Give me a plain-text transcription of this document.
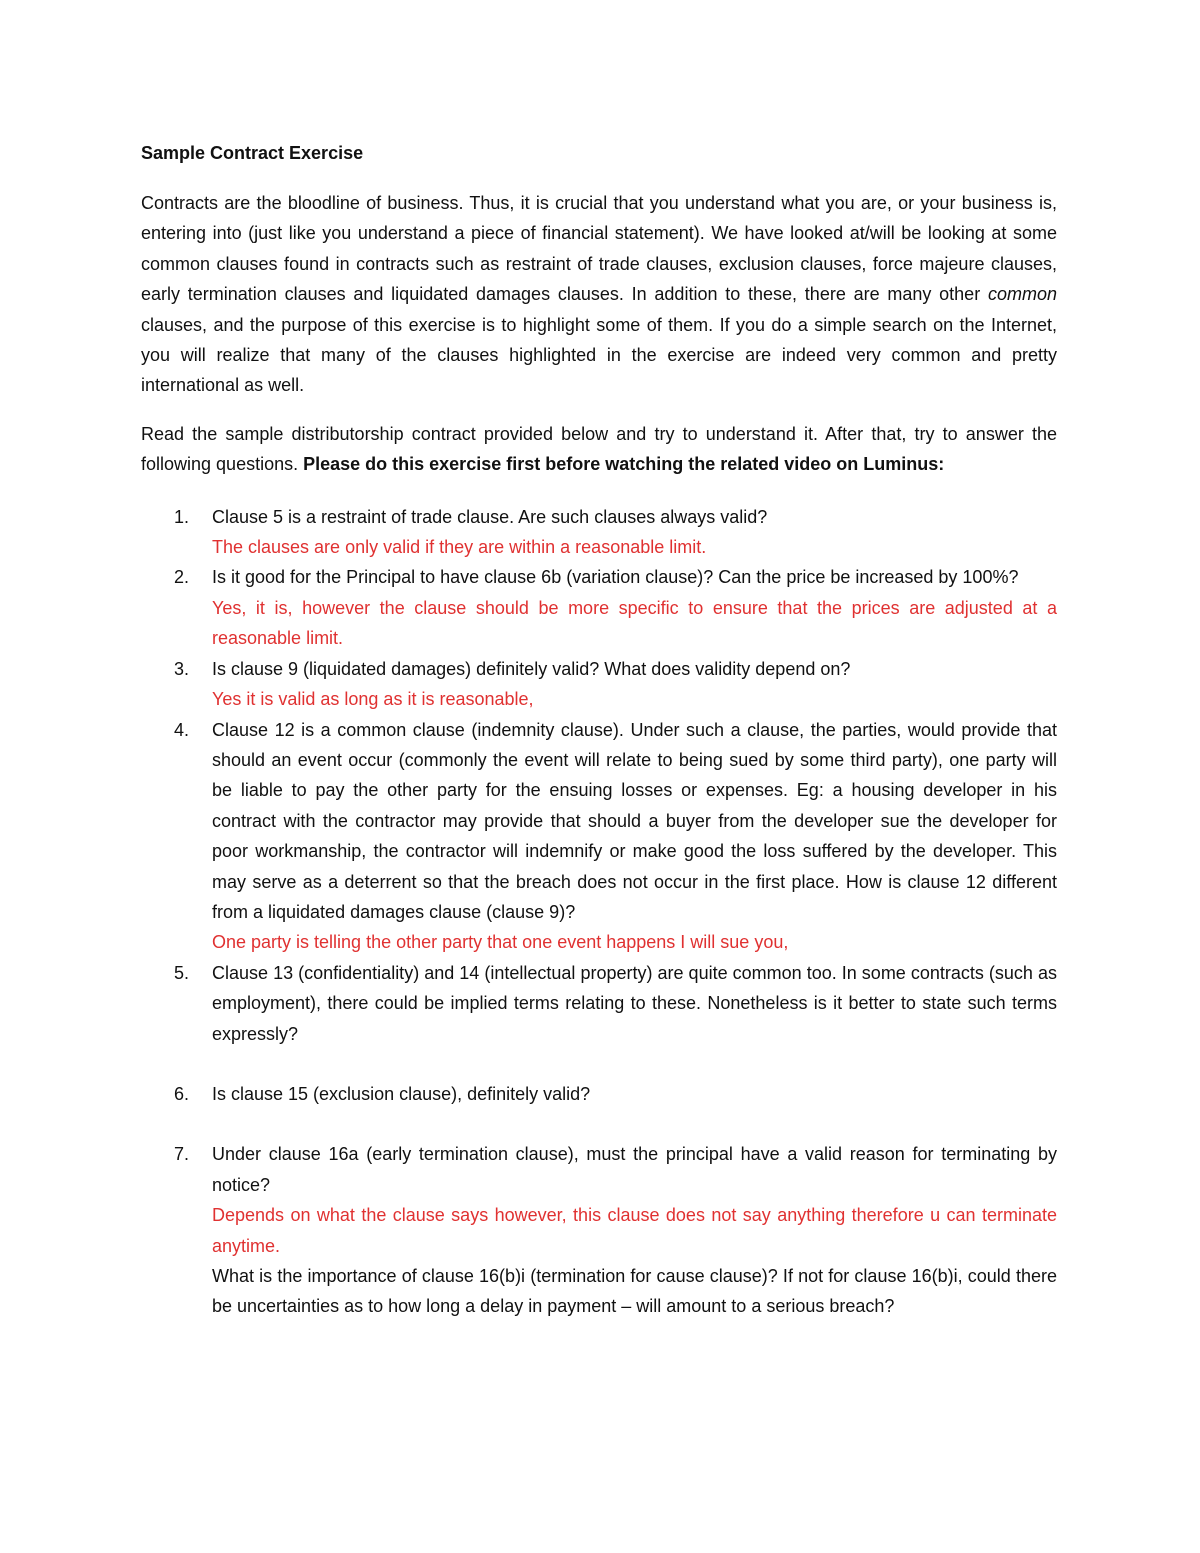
Sample Contract Exercise

Contracts are the bloodline of business. Thus, it is crucial that you understand what you are, or your business is, entering into (just like you understand a piece of financial statement). We have looked at/will be looking at some common clauses found in contracts such as restraint of trade clauses, exclusion clauses, force majeure clauses, early termination clauses and liquidated damages clauses. In addition to these, there are many other common clauses, and the purpose of this exercise is to highlight some of them. If you do a simple search on the Internet, you will realize that many of the clauses highlighted in the exercise are indeed very common and pretty international as well.

Read the sample distributorship contract provided below and try to understand it. After that, try to answer the following questions. Please do this exercise first before watching the related video on Luminus:

1. Clause 5 is a restraint of trade clause. Are such clauses always valid?
The clauses are only valid if they are within a reasonable limit.
2. Is it good for the Principal to have clause 6b (variation clause)? Can the price be increased by 100%?
Yes, it is, however the clause should be more specific to ensure that the prices are adjusted at a reasonable limit.
3. Is clause 9 (liquidated damages) definitely valid? What does validity depend on?
Yes it is valid as long as it is reasonable,
4. Clause 12 is a common clause (indemnity clause). Under such a clause, the parties, would provide that should an event occur (commonly the event will relate to being sued by some third party), one party will be liable to pay the other party for the ensuing losses or expenses. Eg: a housing developer in his contract with the contractor may provide that should a buyer from the developer sue the developer for poor workmanship, the contractor will indemnify or make good the loss suffered by the developer. This may serve as a deterrent so that the breach does not occur in the first place. How is clause 12 different from a liquidated damages clause (clause 9)?
One party is telling the other party that one event happens I will sue you,
5. Clause 13 (confidentiality) and 14 (intellectual property) are quite common too. In some contracts (such as employment), there could be implied terms relating to these. Nonetheless is it better to state such terms expressly?
6. Is clause 15 (exclusion clause), definitely valid?
7. Under clause 16a (early termination clause), must the principal have a valid reason for terminating by notice?
Depends on what the clause says however, this clause does not say anything therefore u can terminate anytime.
What is the importance of clause 16(b)i (termination for cause clause)? If not for clause 16(b)i, could there be uncertainties as to how long a delay in payment – will amount to a serious breach?
